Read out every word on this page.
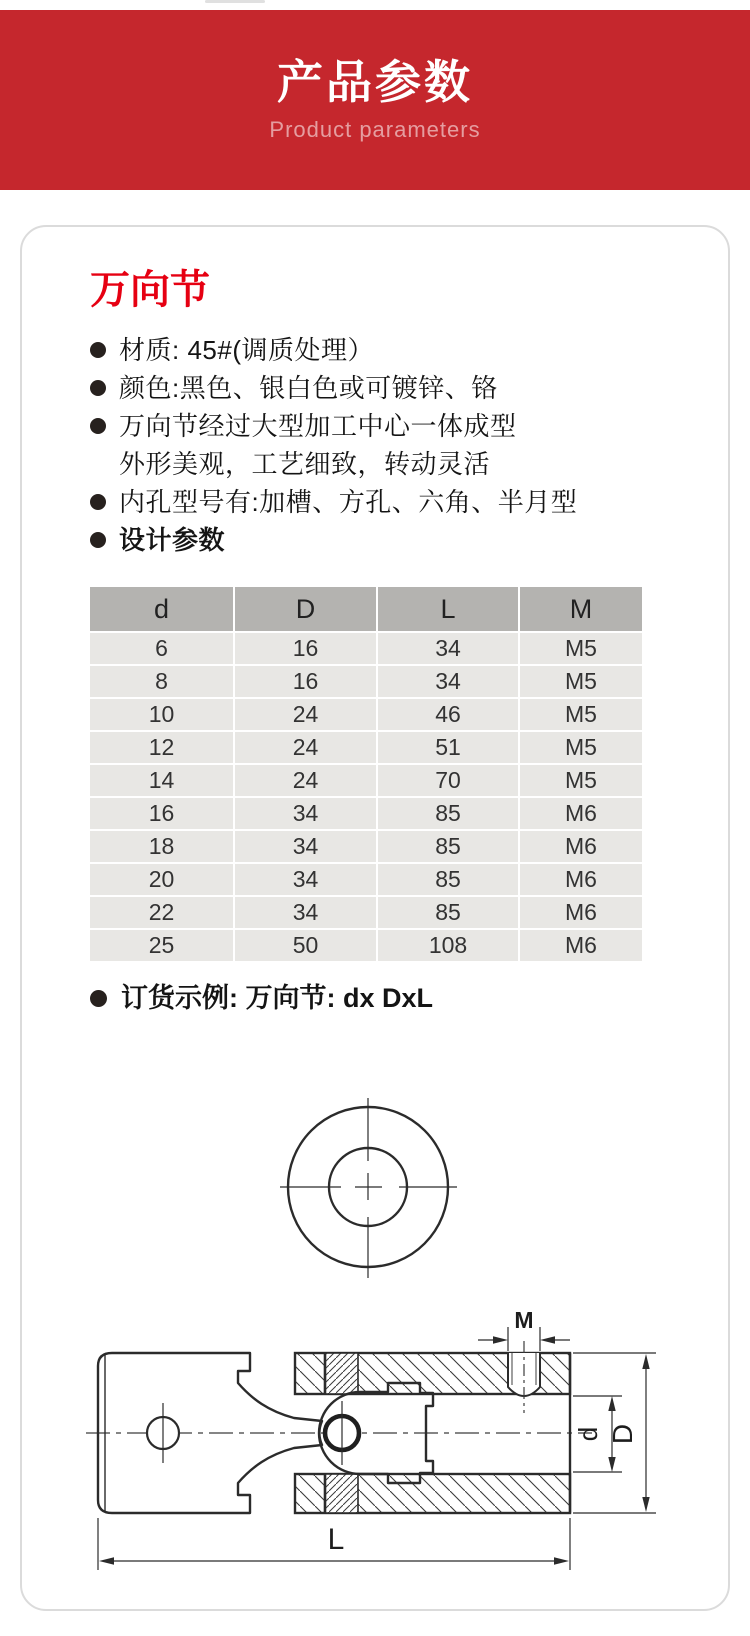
产品参数
Product parameters
万向节
材质: 45#(调质处理）
颜色:黑色、银白色或可镀锌、铬
万向节经过大型加工中心一体成型
外形美观，工艺细致，转动灵活
内孔型号有:加槽、方孔、六角、半月型
设计参数
d	D	L	M
6	16	34	M5
8	16	34	M5
10	24	46	M5
12	24	51	M5
14	24	70	M5
16	34	85	M6
18	34	85	M6
20	34	85	M6
22	34	85	M6
25	50	108	M6
订货示例: 万向节: dx DxL
M
d D
L
